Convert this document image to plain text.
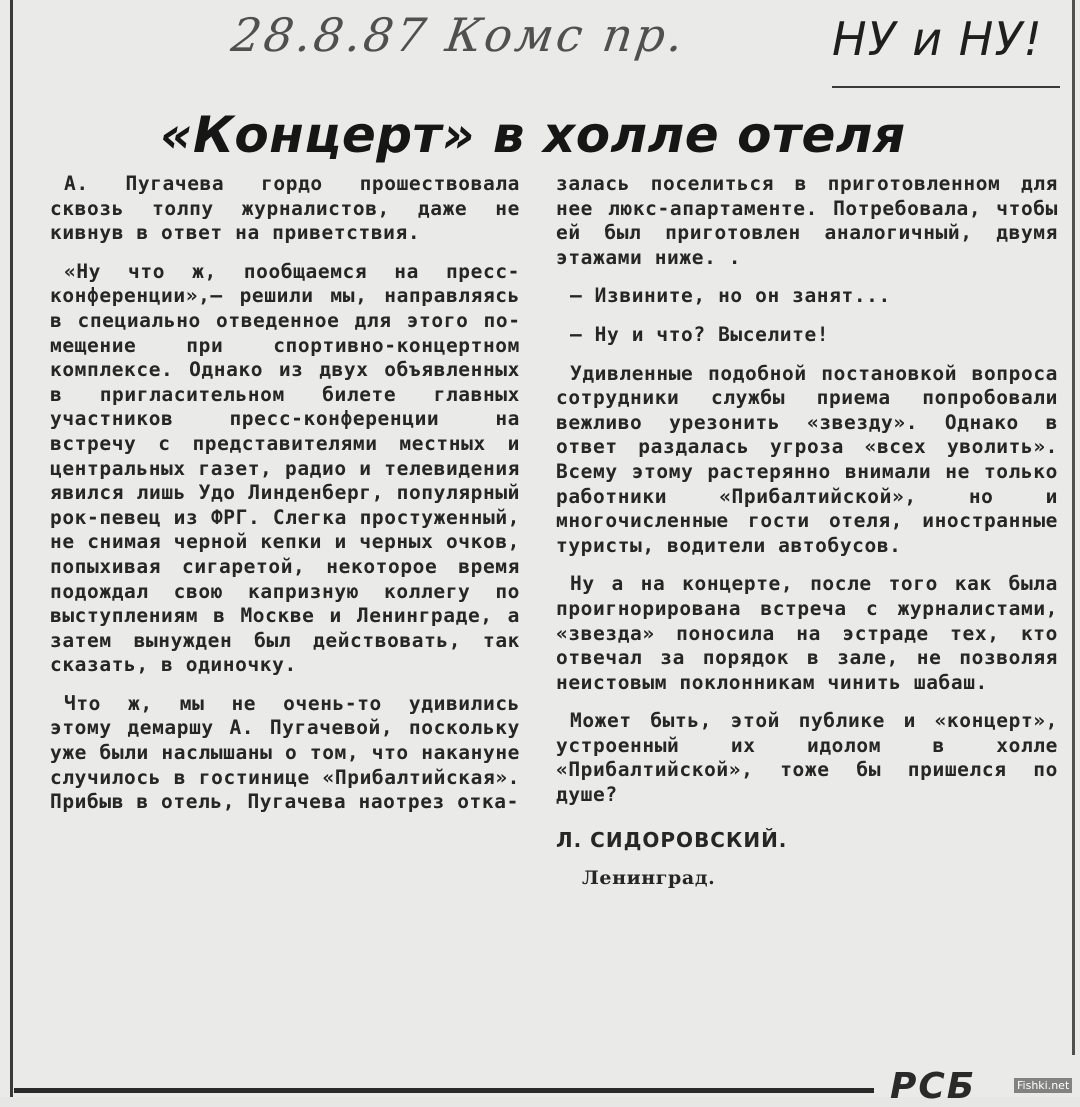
28.8.87 Комс пр.	НУ и НУ!
«Концерт» в холле отеля

А. Пугачева гордо прошествовала сквозь толпу журналистов, даже не кивнув в ответ на приветствия.

«Ну что ж, пообщаемся на пресс-конференции»,— решили мы, направляясь в специально отведенное для этого помещение при спортивно-концертном комплексе. Однако из двух объявленных в пригласительном билете главных участников пресс-конференции на встречу с представителями местных и центральных газет, радио и телевидения явился лишь Удо Линденберг, популярный рок-певец из ФРГ. Слегка простуженный, не снимая черной кепки и черных очков, попыхивая сигаретой, некоторое время подождал свою капризную коллегу по выступлениям в Москве и Ленинграде, а затем вынужден был действовать, так сказать, в одиночку.

Что ж, мы не очень-то удивились этому демаршу А. Пугачевой, поскольку уже были наслышаны о том, что накануне случилось в гостинице «Прибалтийская». Прибыв в отель, Пугачева наотрез отка-

залась поселиться в приготовленном для нее люкс-апартаменте. Потребовала, чтобы ей был приготовлен аналогичный, двумя этажами ниже. .

— Извините, но он занят...

— Ну и что? Выселите!

Удивленные подобной постановкой вопроса сотрудники службы приема попробовали вежливо урезонить «звезду». Однако в ответ раздалась угроза «всех уволить». Всему этому растерянно внимали не только работники «Прибалтийской», но и многочисленные гости отеля, иностранные туристы, водители автобусов.

Ну а на концерте, после того как была проигнорирована встреча с журналистами, «звезда» поносила на эстраде тех, кто отвечал за порядок в зале, не позволяя неистовым поклонникам чинить шабаш.

Может быть, этой публике и «концерт», устроенный их идолом в холле «Прибалтийской», тоже бы пришелся по душе?

Л. СИДОРОВСКИЙ.

Ленинград.

РСБ	Fishki.net
